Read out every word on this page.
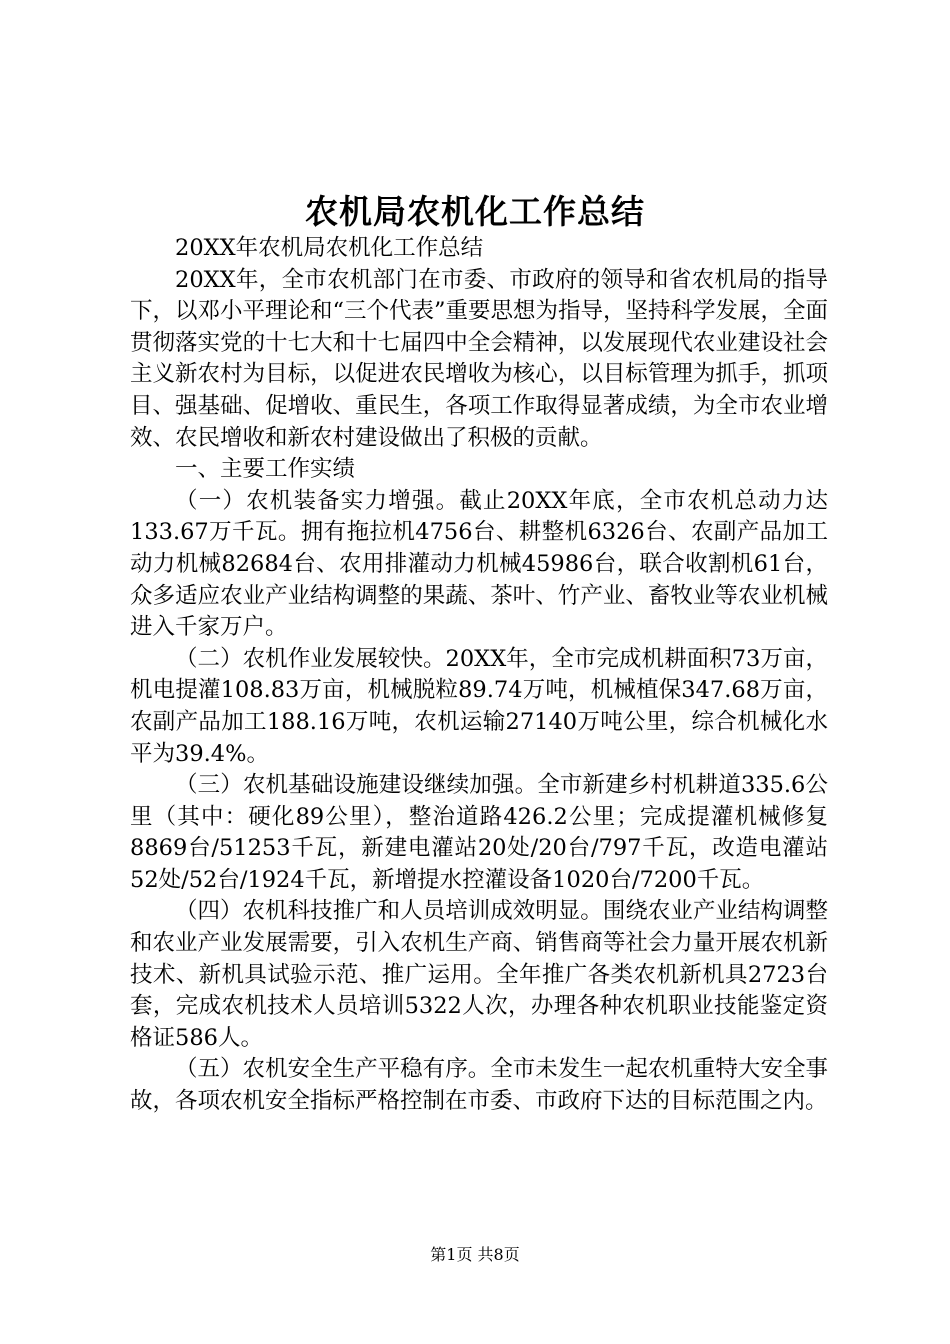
农机局农机化工作总结

20XX年农机局农机化工作总结

20XX年，全市农机部门在市委、市政府的领导和省农机局的指导下，以邓小平理论和“三个代表”重要思想为指导，坚持科学发展，全面贯彻落实党的十七大和十七届四中全会精神，以发展现代农业建设社会主义新农村为目标，以促进农民增收为核心，以目标管理为抓手，抓项目、强基础、促增收、重民生，各项工作取得显著成绩，为全市农业增效、农民增收和新农村建设做出了积极的贡献。

一、主要工作实绩

（一）农机装备实力增强。截止20XX年底，全市农机总动力达133.67万千瓦。拥有拖拉机4756台、耕整机6326台、农副产品加工动力机械82684台、农用排灌动力机械45986台，联合收割机61台，众多适应农业产业结构调整的果蔬、茶叶、竹产业、畜牧业等农业机械进入千家万户。

（二）农机作业发展较快。20XX年，全市完成机耕面积73万亩，机电提灌108.83万亩，机械脱粒89.74万吨，机械植保347.68万亩，农副产品加工188.16万吨，农机运输27140万吨公里，综合机械化水平为39.4%。

（三）农机基础设施建设继续加强。全市新建乡村机耕道335.6公里（其中：硬化89公里），整治道路426.2公里；完成提灌机械修复8869台/51253千瓦，新建电灌站20处/20台/797千瓦，改造电灌站52处/52台/1924千瓦，新增提水控灌设备1020台/7200千瓦。

（四）农机科技推广和人员培训成效明显。围绕农业产业结构调整和农业产业发展需要，引入农机生产商、销售商等社会力量开展农机新技术、新机具试验示范、推广运用。全年推广各类农机新机具2723台套，完成农机技术人员培训5322人次，办理各种农机职业技能鉴定资格证586人。

（五）农机安全生产平稳有序。全市未发生一起农机重特大安全事故，各项农机安全指标严格控制在市委、市政府下达的目标范围之内。

第1页 共8页
